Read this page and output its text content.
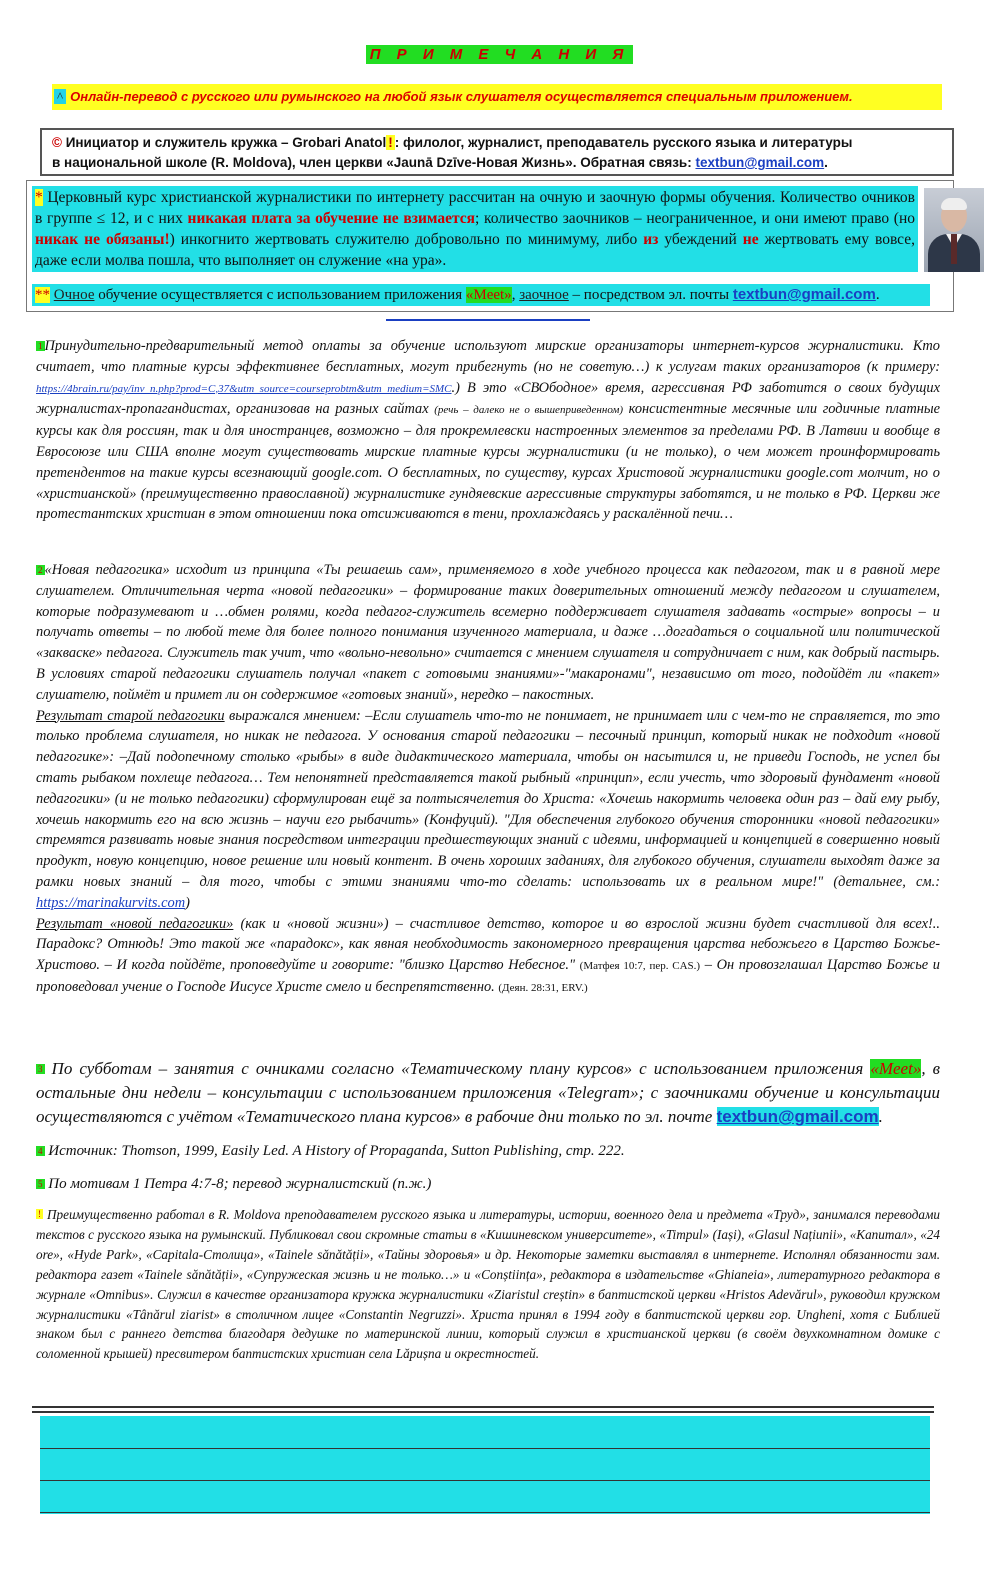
П Р И М Е Ч А Н И Я

^ Онлайн-перевод с русского или румынского на любой язык слушателя осуществляется специальным приложением.

© Инициатор и служитель кружка – Grobari Anatol ! : филолог, журналист, преподаватель русского языка и литературы
в национальной школе (R. Moldova), член церкви «Jaunā Dzīve-Новая Жизнь». Обратная связь: textbun@gmail.com.
* Церковный курс христианской журналистики по интернету рассчитан на очную и заочную формы обучения. Количество очников в группе ≤ 12, и с них никакая плата за обучение не взимается; количество заочников – неограниченное, и они имеют право (но никак не обязаны!) инкогнито жертвовать служителю добровольно по минимуму, либо из убеждений не жертвовать ему вовсе, даже если молва пошла, что выполняет он служение «на ура».
** Очное обучение осуществляется с использованием приложения «Meet», заочное – посредством эл. почты textbun@gmail.com.
$^1$ Принудительно-предварительный метод оплаты за обучение используют мирские организаторы интернет-курсов журналистики. Кто считает, что платные курсы эффективнее бесплатных, могут прибегнуть (но не советую…) к услугам таких организаторов (к примеру: https://4brain.ru/pay/inv_n.php?prod=C,37&utm_source=courseprobtm&utm_medium=SMC.) В это «СВОбодное» время, агрессивная РФ заботится о своих будущих журналистах-пропагандистах, организовав на разных сайтах (речь – далеко не о вышеприведенном) консистентные месячные или годичные платные курсы как для россиян, так и для иностранцев, возможно – для прокремлевски настроенных элементов за пределами РФ. В Латвии и вообще в Евросоюзе или США вполне могут существовать мирские платные курсы журналистики (и не только), о чем может проинформировать претендентов на такие курсы всезнающий google.com. О бесплатных, по существу, курсах Христовой журналистики google.com молчит, но о «христианской» (преимущественно православной) журналистике гундяевские агрессивные структуры заботятся, и не только в РФ. Церкви же протестантских христиан в этом отношении пока отсиживаются в тени, прохлаждаясь у раскалённой печи…
$^2$ «Новая педагогика» исходит из принципа «Ты решаешь сам», применяемого в ходе учебного процесса как педагогом, так и в равной мере слушателем. Отличительная черта «новой педагогики» – формирование таких доверительных отношений между педагогом и слушателем, которые подразумевают и …обмен ролями, когда педагог-служитель всемерно поддерживает слушателя задавать «острые» вопросы – и получать ответы – по любой теме для более полного понимания изученного материала, и даже …догадаться о социальной или политической «закваске» педагога. Служитель так учит, что «вольно-невольно» считается с мнением слушателя и сотрудничает с ним, как добрый пастырь. В условиях старой педагогики слушатель получал «пакет с готовыми знаниями»-"макаронами", независимо от того, подойдёт ли «пакет» слушателю, поймёт и примет ли он содержимое «готовых знаний», нередко – пакостных.
Результат старой педагогики выражался мнением: –Если слушатель что-то не понимает, не принимает или с чем-то не справляется, то это только проблема слушателя, но никак не педагога. У основания старой педагогики – песочный принцип, который никак не подходит «новой педагогике»: –Дай подопечному столько «рыбы» в виде дидактического материала, чтобы он насытился и, не приведи Господь, не успел бы стать рыбаком похлеще педагога… Тем непонятней представляется такой рыбный «принцип», если учесть, что здоровый фундамент «новой педагогики» (и не только педагогики) сформулирован ещё за полтысячелетия до Христа: «Хочешь накормить человека один раз – дай ему рыбу, хочешь накормить его на всю жизнь – научи его рыбачить» (Конфуций). "Для обеспечения глубокого обучения сторонники «новой педагогики» стремятся развивать новые знания посредством интеграции предшествующих знаний с идеями, информацией и концепцией в совершенно новый продукт, новую концепцию, новое решение или новый контент. В очень хороших заданиях, для глубокого обучения, слушатели выходят даже за рамки новых знаний – для того, чтобы с этими знаниями что-то сделать: использовать их в реальном мире!" (детальнее, см.: https://marinakurvits.com)
Результат «новой педагогики» (как и «новой жизни») – счастливое детство, которое и во взрослой жизни будет счастливой для всех!.. Парадокс? Отнюдь! Это такой же «парадокс», как явная необходимость закономерного превращения царства небожьего в Царство Божье-Христово. – И когда пойдёте, проповедуйте и говорите: "близко Царство Небесное." (Матфея 10:7, пер. CAS.) – Он провозглашал Царство Божье и проповедовал учение о Господе Иисусе Христе смело и беспрепятственно. (Деян. 28:31, ERV.)
$^3$ По субботам – занятия с очниками согласно «Тематическому плану курсов» с использованием приложения «Meet», в остальные дни недели – консультации с использованием приложения «Telegram»; с заочниками обучение и консультации осуществляются с учётом «Тематического плана курсов» в рабочие дни только по эл. почте textbun@gmail.com.
$^4$ Источник: Thomson, 1999, Easily Led. A History of Propaganda, Sutton Publishing, стр. 222.
$^5$ По мотивам 1 Петра 4:7-8; перевод журналистский (п.ж.)
! Преимущественно работал в R. Moldova преподавателем русского языка и литературы, истории, военного дела и предмета «Труд», занимался переводами текстов с русского языка на румынский. Публиковал свои скромные статьи в «Кишиневском университете», «Timpul» (Iași), «Glasul Națiunii», «Капитал», «24 ore», «Hyde Park», «Capitala-Столица», «Tainele sănătății», «Тайны здоровья» и др. Некоторые заметки выставлял в интернете. Исполнял обязанности зам. редактора газет «Tainele sănătății», «Супружеская жизнь и не только…» и «Conștiința», редактора в издательстве «Ghianeia», литературного редактора в журнале «Omnibus». Служил в качестве организатора кружка журналистики «Ziaristul creștin» в баптистской церкви «Hristos Adevărul», руководил кружком журналистики «Tânărul ziarist» в столичном лицее «Constantin Negruzzi». Христа принял в 1994 году в баптистской церкви гор. Ungheni, хотя с Библией знаком был с раннего детства благодаря дедушке по материнской линии, который служил в христианской церкви (в своём двухкомнатном домике с соломенной крышей) пресвитером баптистских христиан села Lăpușna и окрестностей.
